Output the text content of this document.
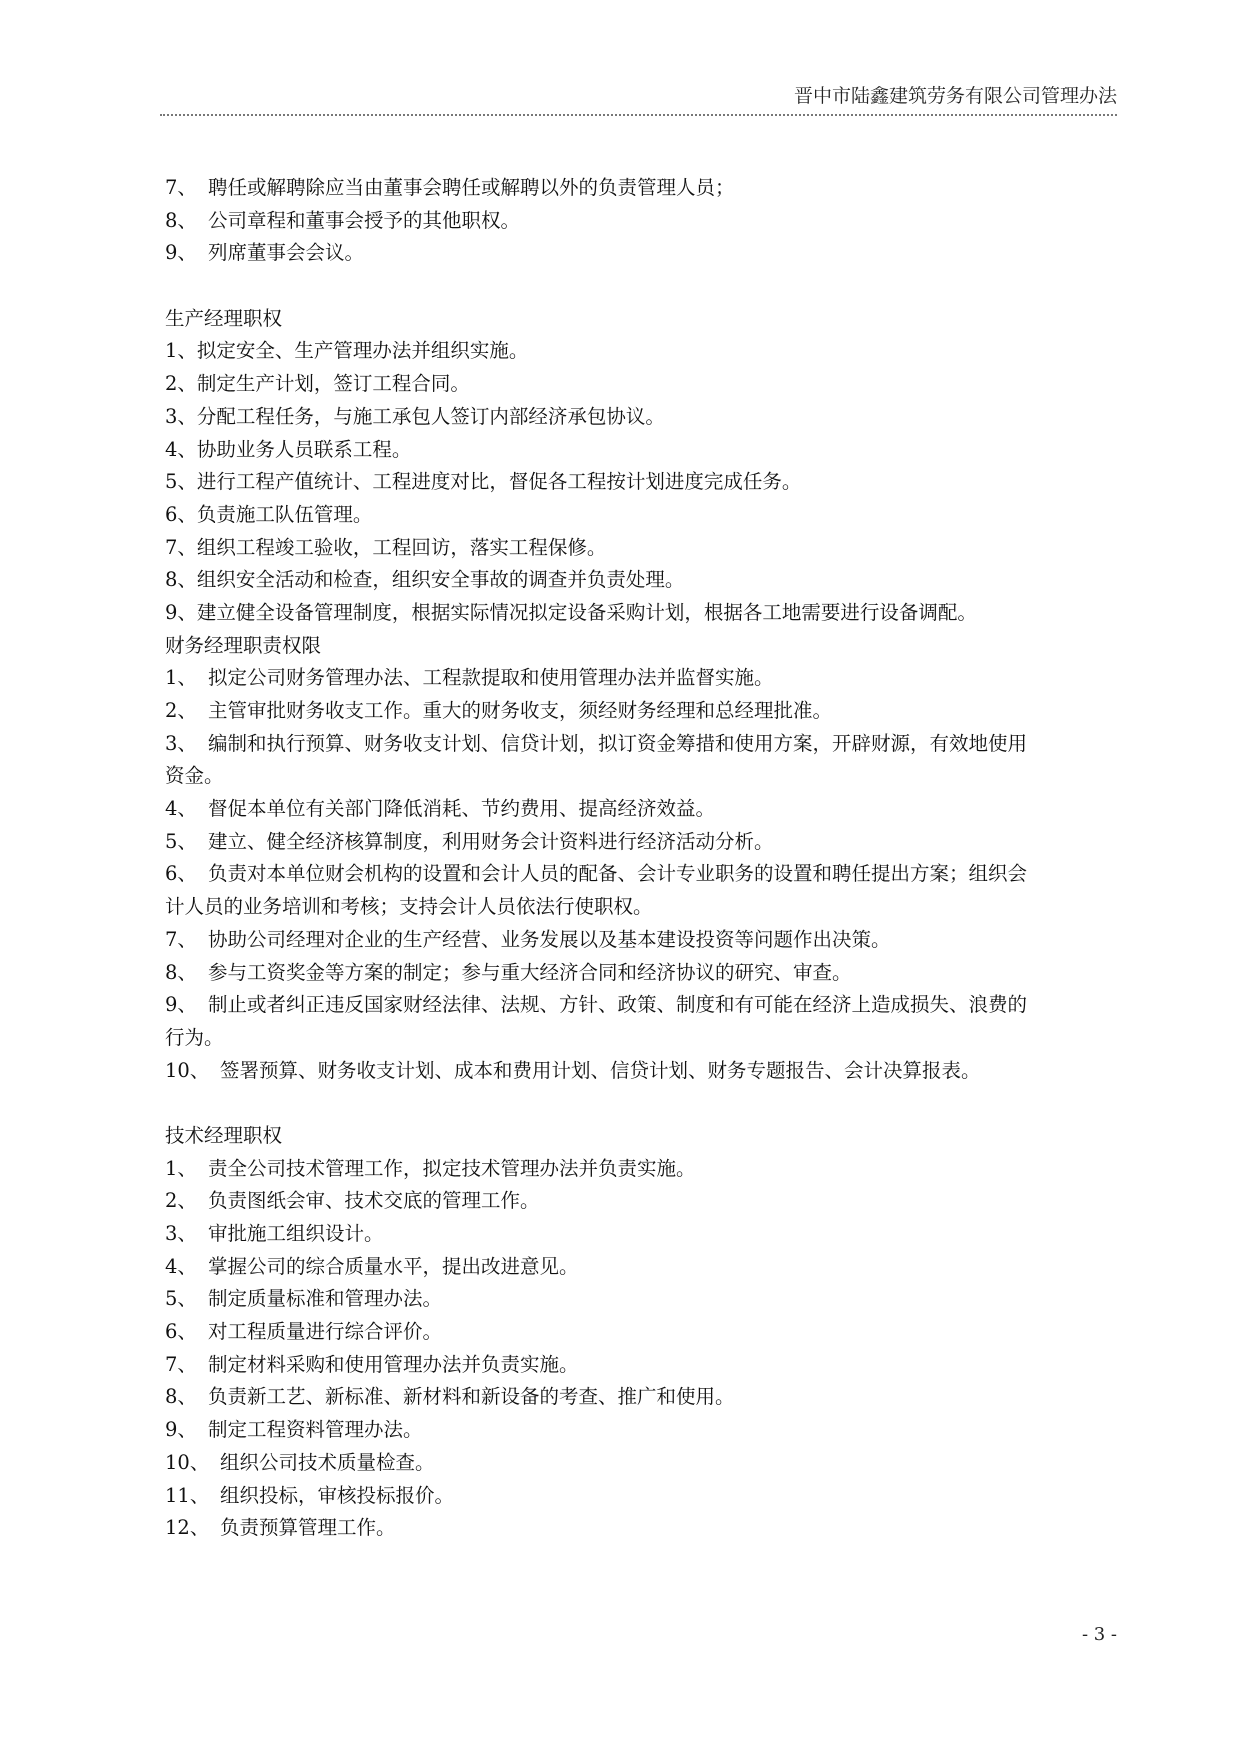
晋中市陆鑫建筑劳务有限公司管理办法
7、 聘任或解聘除应当由董事会聘任或解聘以外的负责管理人员；
8、 公司章程和董事会授予的其他职权。
9、 列席董事会会议。
生产经理职权
1、拟定安全、生产管理办法并组织实施。
2、制定生产计划，签订工程合同。
3、分配工程任务，与施工承包人签订内部经济承包协议。
4、协助业务人员联系工程。
5、进行工程产值统计、工程进度对比，督促各工程按计划进度完成任务。
6、负责施工队伍管理。
7、组织工程竣工验收，工程回访，落实工程保修。
8、组织安全活动和检查，组织安全事故的调查并负责处理。
9、建立健全设备管理制度，根据实际情况拟定设备采购计划，根据各工地需要进行设备调配。
财务经理职责权限
1、 拟定公司财务管理办法、工程款提取和使用管理办法并监督实施。
2、 主管审批财务收支工作。重大的财务收支，须经财务经理和总经理批准。
3、 编制和执行预算、财务收支计划、信贷计划，拟订资金筹措和使用方案，开辟财源，有效地使用
资金。
4、 督促本单位有关部门降低消耗、节约费用、提高经济效益。
5、 建立、健全经济核算制度，利用财务会计资料进行经济活动分析。
6、 负责对本单位财会机构的设置和会计人员的配备、会计专业职务的设置和聘任提出方案；组织会
计人员的业务培训和考核；支持会计人员依法行使职权。
7、 协助公司经理对企业的生产经营、业务发展以及基本建设投资等问题作出决策。
8、 参与工资奖金等方案的制定；参与重大经济合同和经济协议的研究、审查。
9、 制止或者纠正违反国家财经法律、法规、方针、政策、制度和有可能在经济上造成损失、浪费的
行为。
10、 签署预算、财务收支计划、成本和费用计划、信贷计划、财务专题报告、会计决算报表。
技术经理职权
1、 责全公司技术管理工作，拟定技术管理办法并负责实施。
2、 负责图纸会审、技术交底的管理工作。
3、 审批施工组织设计。
4、 掌握公司的综合质量水平，提出改进意见。
5、 制定质量标准和管理办法。
6、 对工程质量进行综合评价。
7、 制定材料采购和使用管理办法并负责实施。
8、 负责新工艺、新标准、新材料和新设备的考查、推广和使用。
9、 制定工程资料管理办法。
10、 组织公司技术质量检查。
11、 组织投标，审核投标报价。
12、 负责预算管理工作。
- 3 -
